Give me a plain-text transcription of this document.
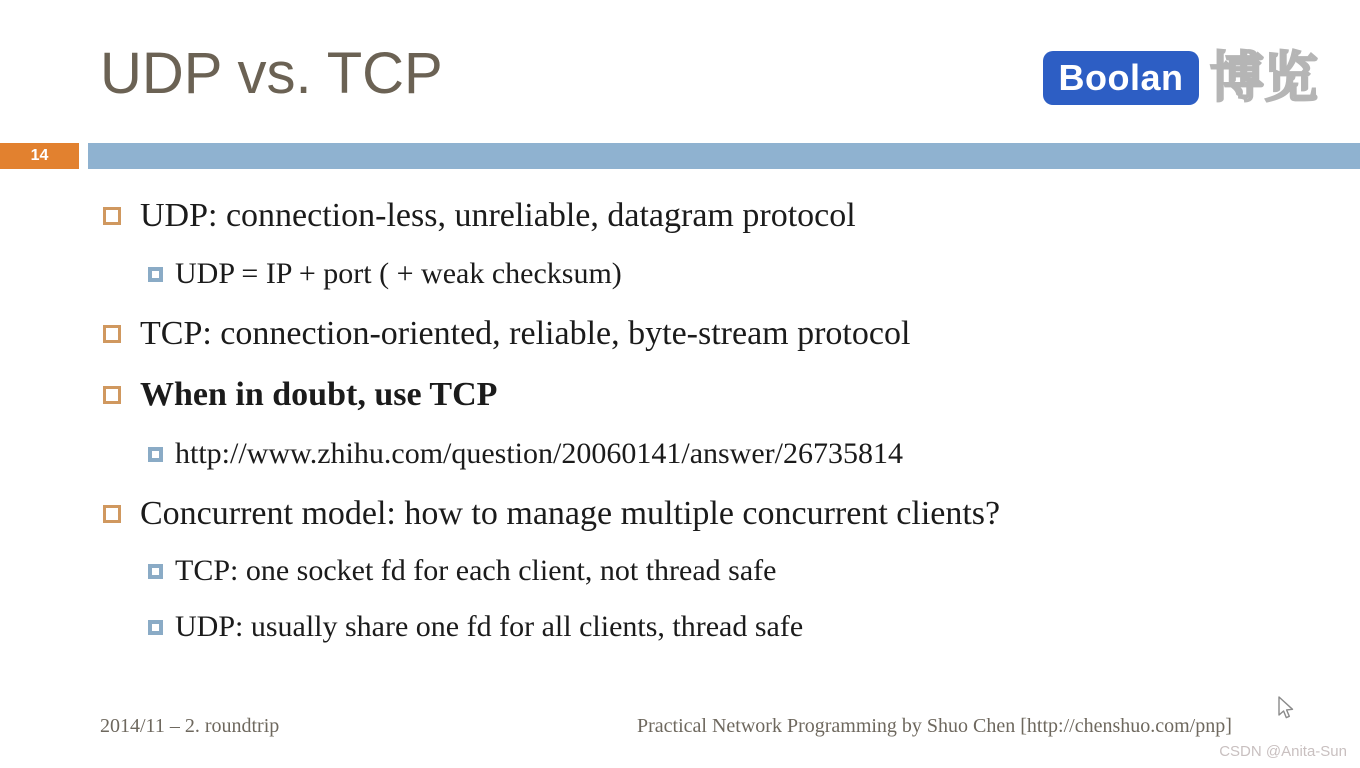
UDP vs. TCP	Boolan 博览
14
UDP: connection-less, unreliable, datagram protocol
UDP = IP + port ( + weak checksum)
TCP: connection-oriented, reliable, byte-stream protocol
When in doubt, use TCP
http://www.zhihu.com/question/20060141/answer/26735814
Concurrent model: how to manage multiple concurrent clients?
TCP: one socket fd for each client, not thread safe
UDP: usually share one fd for all clients, thread safe
2014/11 – 2. roundtrip	Practical Network Programming by Shuo Chen [http://chenshuo.com/pnp]
CSDN @Anita-Sun
